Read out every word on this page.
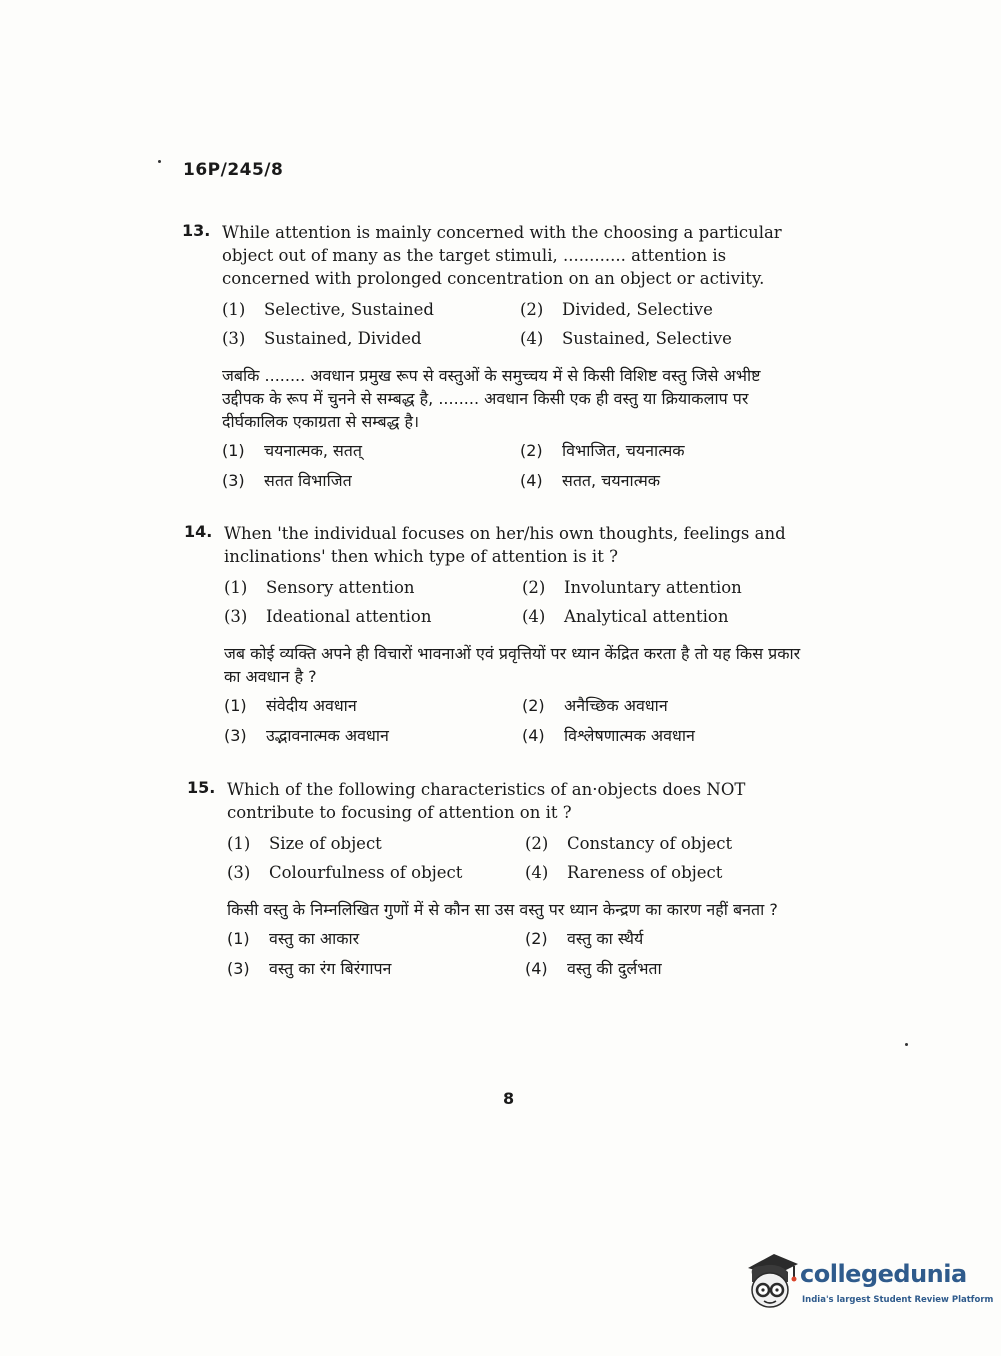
16P/245/8
13. While attention is mainly concerned with the choosing a particular object out of many as the target stimuli, ............ attention is concerned with prolonged concentration on an object or activity.
(1) Selective, Sustained	(2) Divided, Selective
(3) Sustained, Divided	(4) Sustained, Selective
जबकि ........ अवधान प्रमुख रूप से वस्तुओं के समुच्चय में से किसी विशिष्ट वस्तु जिसे अभीष्ट उद्दीपक के रूप में चुनने से सम्बद्ध है, ........ अवधान किसी एक ही वस्तु या क्रियाकलाप पर दीर्घकालिक एकाग्रता से सम्बद्ध है।
(1) चयनात्मक, सतत्	(2) विभाजित, चयनात्मक
(3) सतत विभाजित	(4) सतत, चयनात्मक
14. When 'the individual focuses on her/his own thoughts, feelings and inclinations' then which type of attention is it ?
(1) Sensory attention	(2) Involuntary attention
(3) Ideational attention	(4) Analytical attention
जब कोई व्यक्ति अपने ही विचारों भावनाओं एवं प्रवृत्तियों पर ध्यान केंद्रित करता है तो यह किस प्रकार का अवधान है ?
(1) संवेदीय अवधान	(2) अनैच्छिक अवधान
(3) उद्भावनात्मक अवधान	(4) विश्लेषणात्मक अवधान
15. Which of the following characteristics of an·objects does NOT contribute to focusing of attention on it ?
(1) Size of object	(2) Constancy of object
(3) Colourfulness of object	(4) Rareness of object
किसी वस्तु के निम्नलिखित गुणों में से कौन सा उस वस्तु पर ध्यान केन्द्रण का कारण नहीं बनता ?
(1) वस्तु का आकार	(2) वस्तु का स्थैर्य
(3) वस्तु का रंग बिरंगापन	(4) वस्तु की दुर्लभता
8
collegedunia
India's largest Student Review Platform
